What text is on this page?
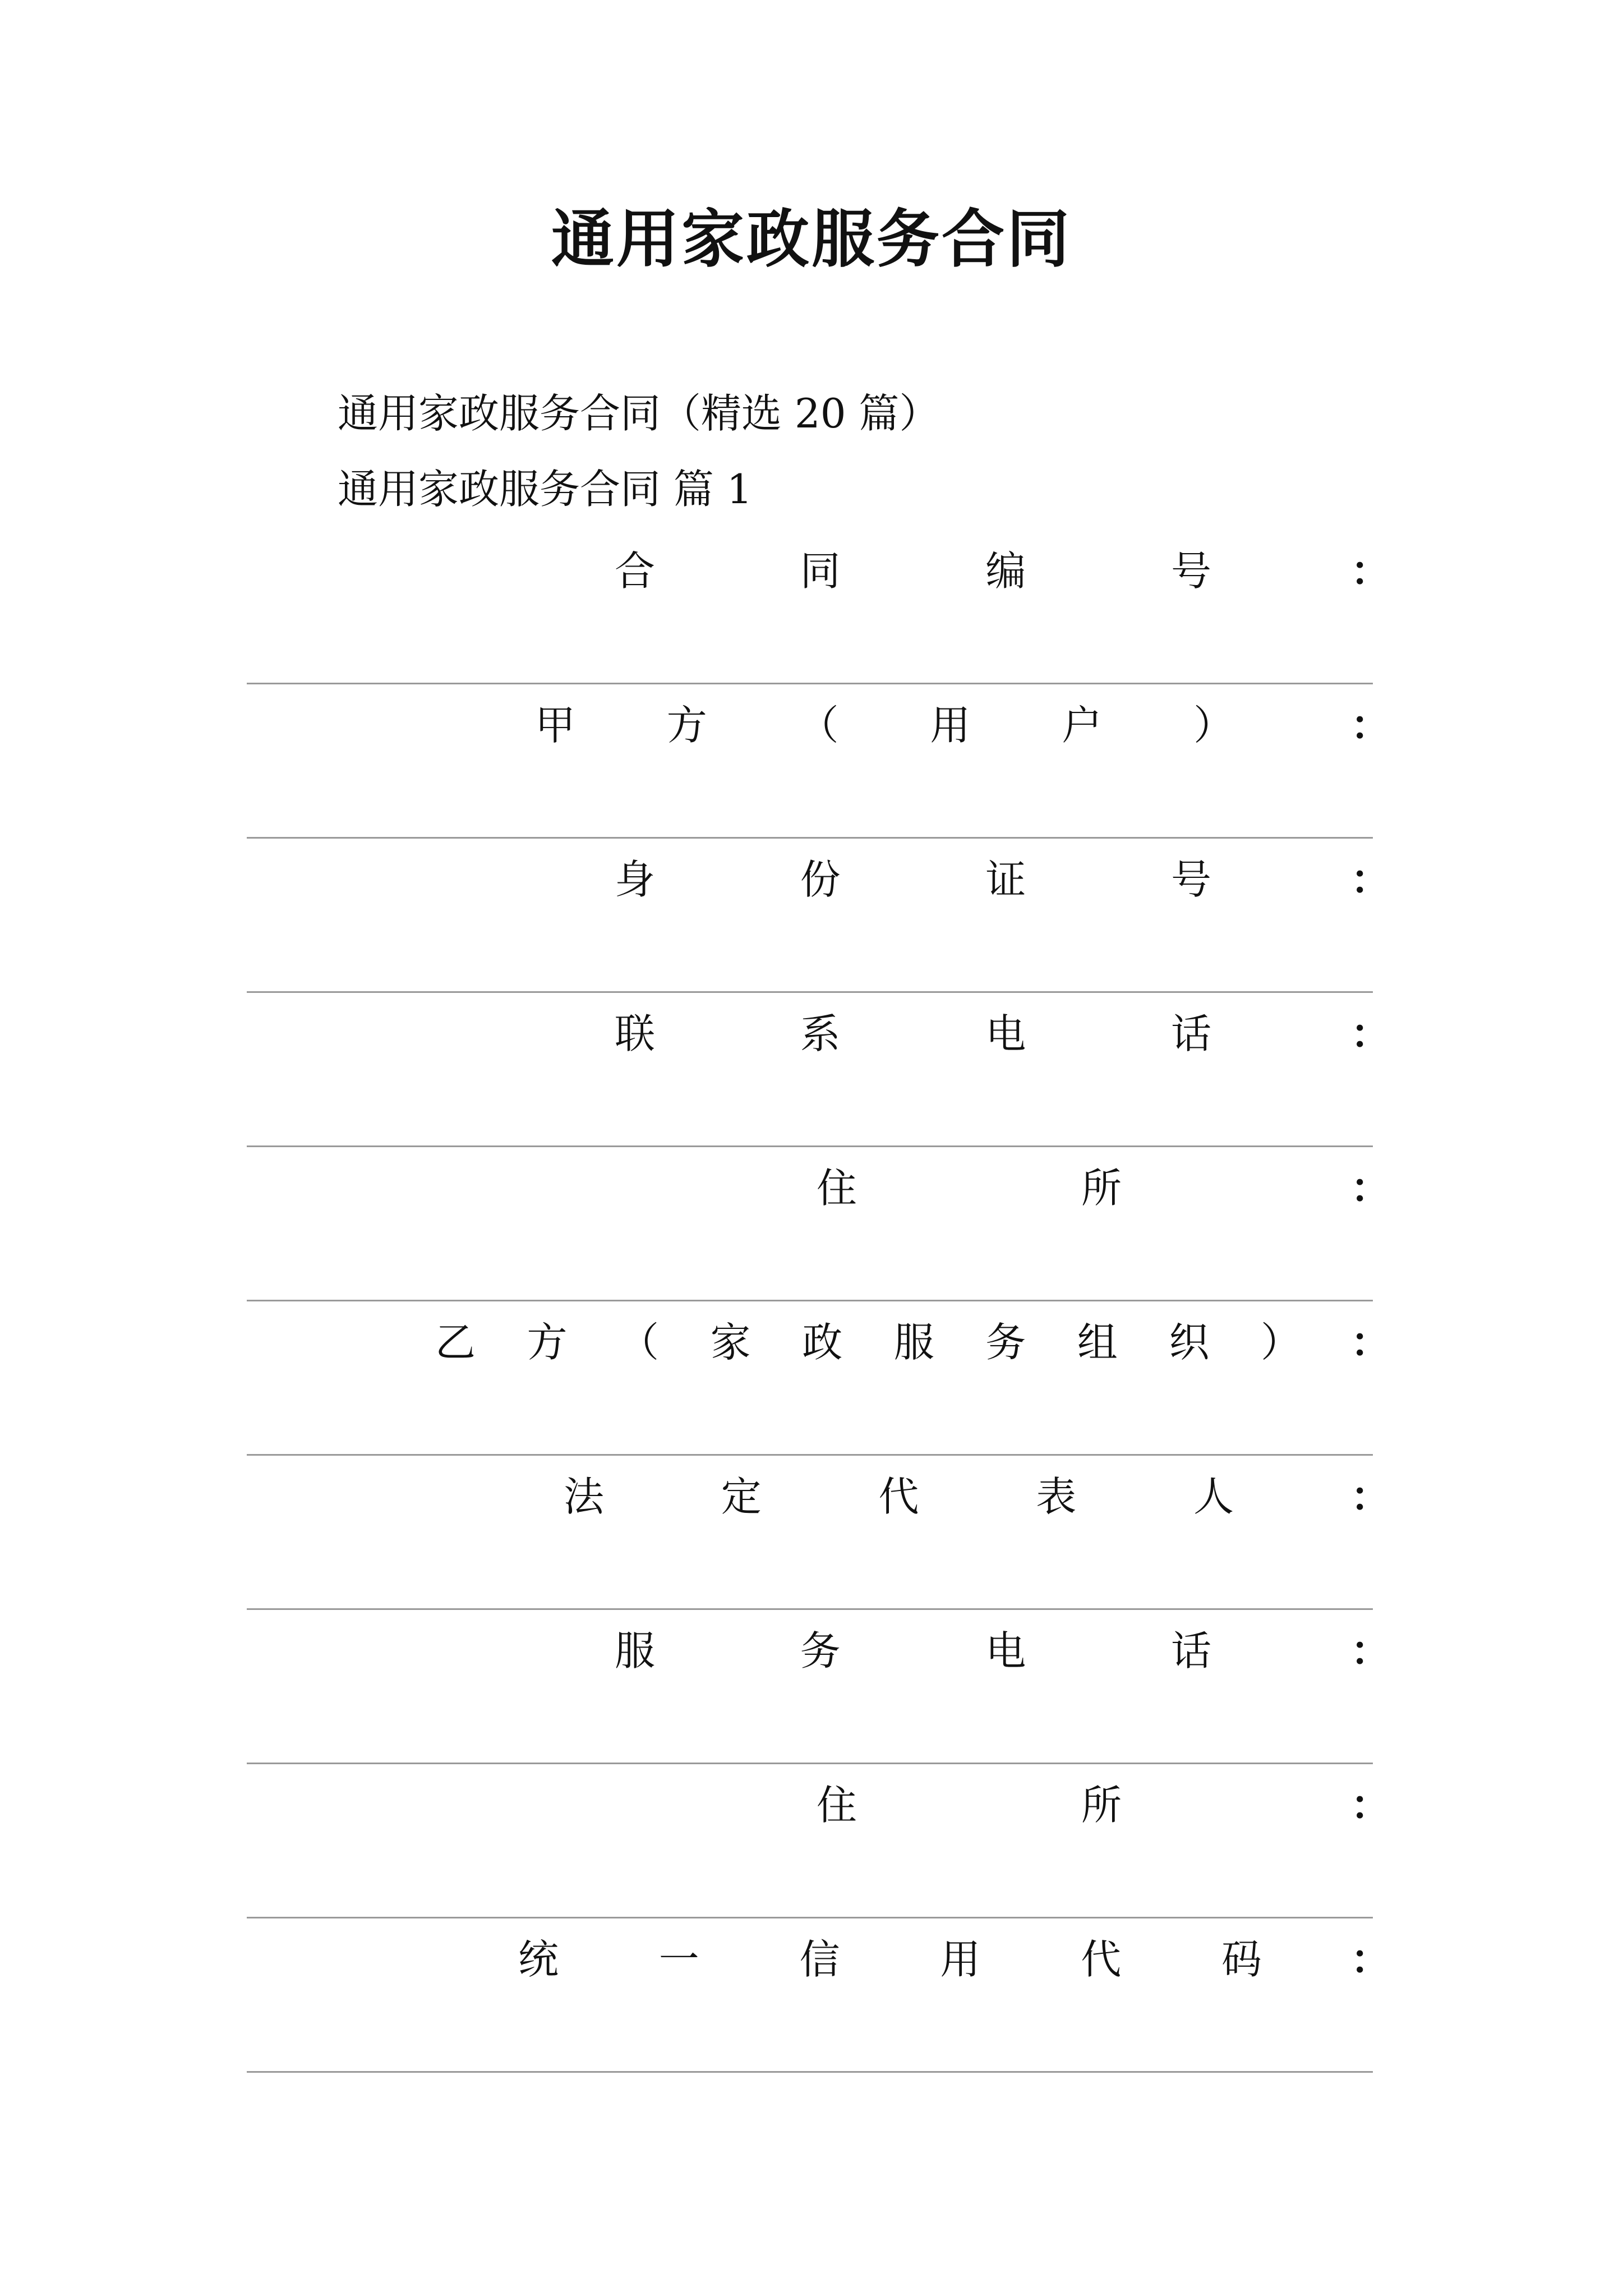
通用家政服务合同
通用家政服务合同（精选 20 篇）
通用家政服务合同 篇 1
合	同	编	号	：
甲 方 （ 用 户 ）	：
身	份	证	号	：
联	系	电	话	：
住	所	：
乙 方 （ 家 政 服 务 组 织 ） ：
法	定	代	表	人	：
服	务	电	话	：
住	所	：
统 一 信 用 代 码 ：
